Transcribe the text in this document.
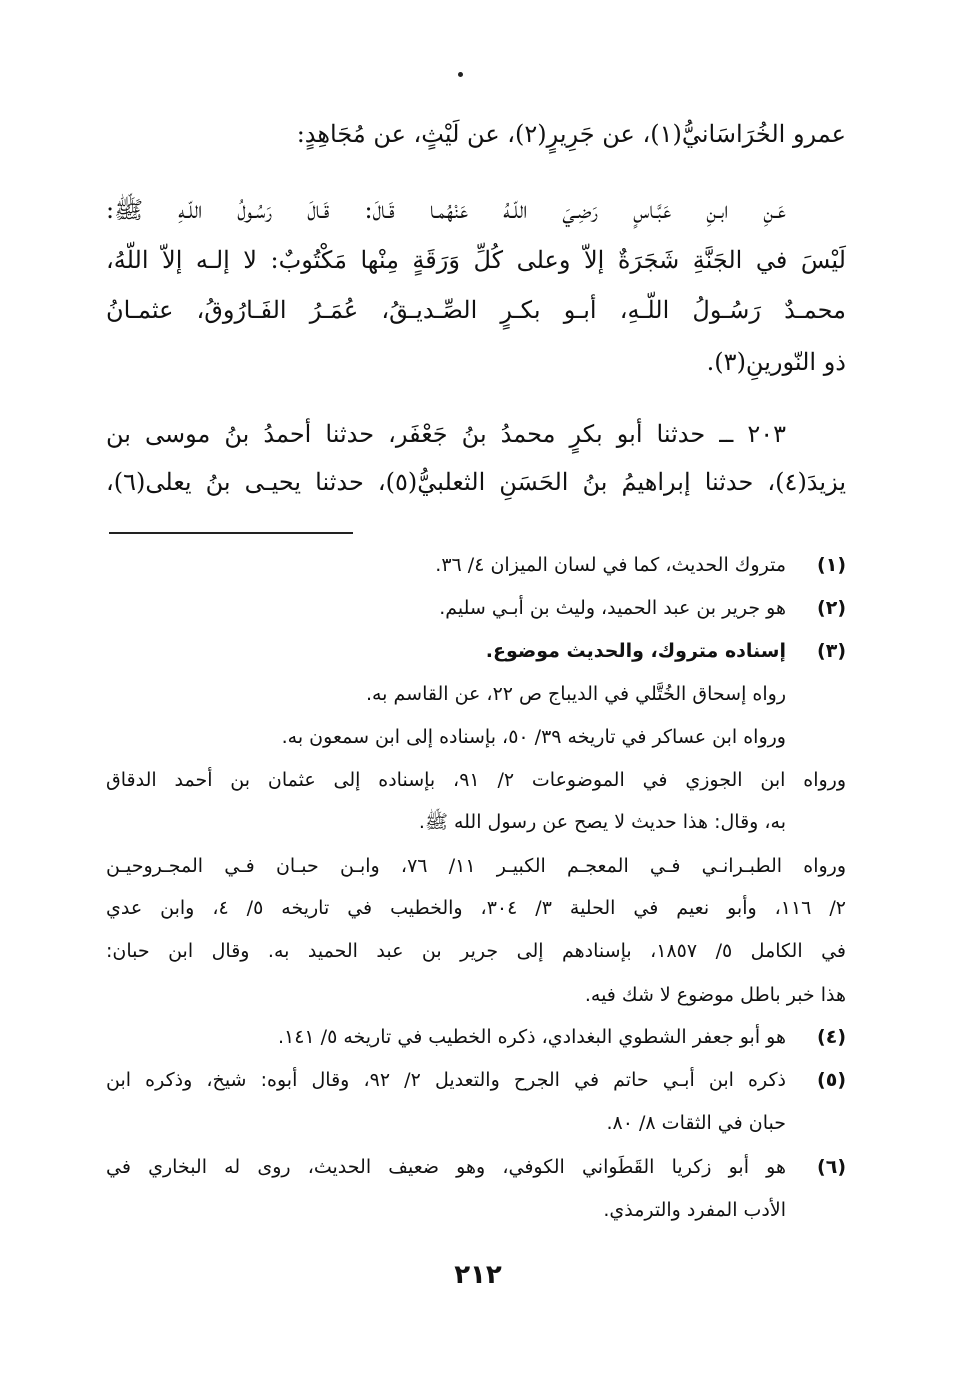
عمرو الخُرَاسَانيُّ(١)، عن جَرِيرٍ(٢)، عن لَيْثٍ، عن مُجَاهِدٍ:
عَـنِ ابـنِ عَبَّـاسٍ رَضِـيَ اللّـهُ عَنْهُمـا قَـالَ: قَـالَ رَسُـولُ اللّـهِ ﷺ:
لَيْسَ في الجَنَّةِ شَجَرَةٌ إلاّ وعلى كُلِّ وَرَقَةٍ مِنْها مَكْتُوبٌ: لا إلـه إلاّ اللّهُ،
محمـدٌ رَسُـولُ اللّـهِ، أبـو بكـرٍ الصِّـديـقُ، عُمَـرُ الفَـارُوقُ، عثمـانُ
ذو النّورينِ(٣).
٢٠٣ ــ حدثنا أبو بكرٍ محمدُ بنُ جَعْفَر، حدثنا أحمدُ بنُ موسى بن
يزيدَ(٤)، حدثنا إبراهيمُ بنُ الحَسَنِ الثعلبيُّ(٥)، حدثنا يحيـى بنُ يعلى(٦)،
(١)
متروك الحديث، كما في لسان الميزان ٤/ ٣٦.
(٢)
هو جرير بن عبد الحميد، وليث بن أبـي سليم.
(٣)
إسناده متروك، والحديث موضوع.
رواه إسحاق الخُتَّلي في الديباج ص ٢٢، عن القاسم به.
ورواه ابن عساكر في تاريخه ٣٩/ ٥٠، بإسناده إلى ابن سمعون به.
ورواه ابن الجوزي في الموضوعات ٢/ ٩١، بإسناده إلى عثمان بن أحمد الدقاق
به، وقال: هذا حديث لا يصح عن رسول الله ﷺ.
ورواه الطبـرانـي فـي المعجـم الكبيـر ١١/ ٧٦، وابـن حبـان فـي المجـروحيـن
٢/ ١١٦، وأبو نعيم في الحلية ٣/ ٣٠٤، والخطيب في تاريخه ٥/ ٤، وابن عدي
في الكامل ٥/ ١٨٥٧، بإسنادهم إلى جرير بن عبد الحميد به. وقال ابن حبان:
هذا خبر باطل موضوع لا شك فيه.
(٤)
هو أبو جعفر الشطوي البغدادي، ذكره الخطيب في تاريخه ٥/ ١٤١.
(٥)
ذكره ابن أبـي حاتم في الجرح والتعديل ٢/ ٩٢، وقال أبوه: شيخ، وذكره ابن
حبان في الثقات ٨/ ٨٠.
(٦)
هو أبو زكريا القَطَواني الكوفي، وهو ضعيف الحديث، روى له البخاري في
الأدب المفرد والترمذي.
٢١٢
